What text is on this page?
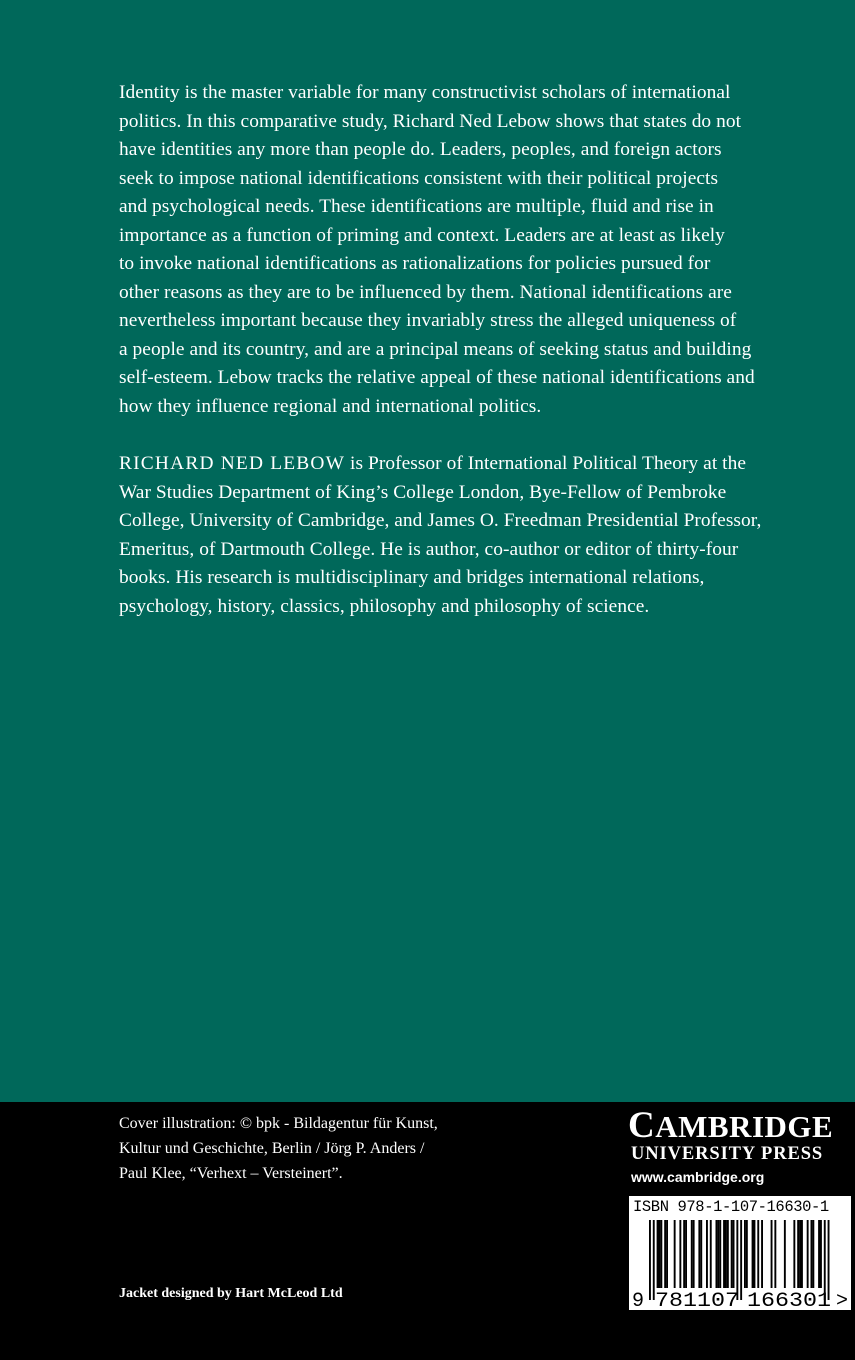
Identity is the master variable for many constructivist scholars of international
politics. In this comparative study, Richard Ned Lebow shows that states do not
have identities any more than people do. Leaders, peoples, and foreign actors
seek to impose national identifications consistent with their political projects
and psychological needs. These identifications are multiple, fluid and rise in
importance as a function of priming and context. Leaders are at least as likely
to invoke national identifications as rationalizations for policies pursued for
other reasons as they are to be influenced by them. National identifications are
nevertheless important because they invariably stress the alleged uniqueness of
a people and its country, and are a principal means of seeking status and building
self-esteem. Lebow tracks the relative appeal of these national identifications and
how they influence regional and international politics.

RICHARD NED LEBOW is Professor of International Political Theory at the
War Studies Department of King’s College London, Bye-Fellow of Pembroke
College, University of Cambridge, and James O. Freedman Presidential Professor,
Emeritus, of Dartmouth College. He is author, co-author or editor of thirty-four
books. His research is multidisciplinary and bridges international relations,
psychology, history, classics, philosophy and philosophy of science.

Cover illustration: © bpk - Bildagentur für Kunst,
Kultur und Geschichte, Berlin / Jörg P. Anders /
Paul Klee, “Verhext – Versteinert”.
Jacket designed by Hart McLeod Ltd
CAMBRIDGE
UNIVERSITY PRESS
www.cambridge.org
ISBN 978-1-107-16630-1
9 781107 166301 >
